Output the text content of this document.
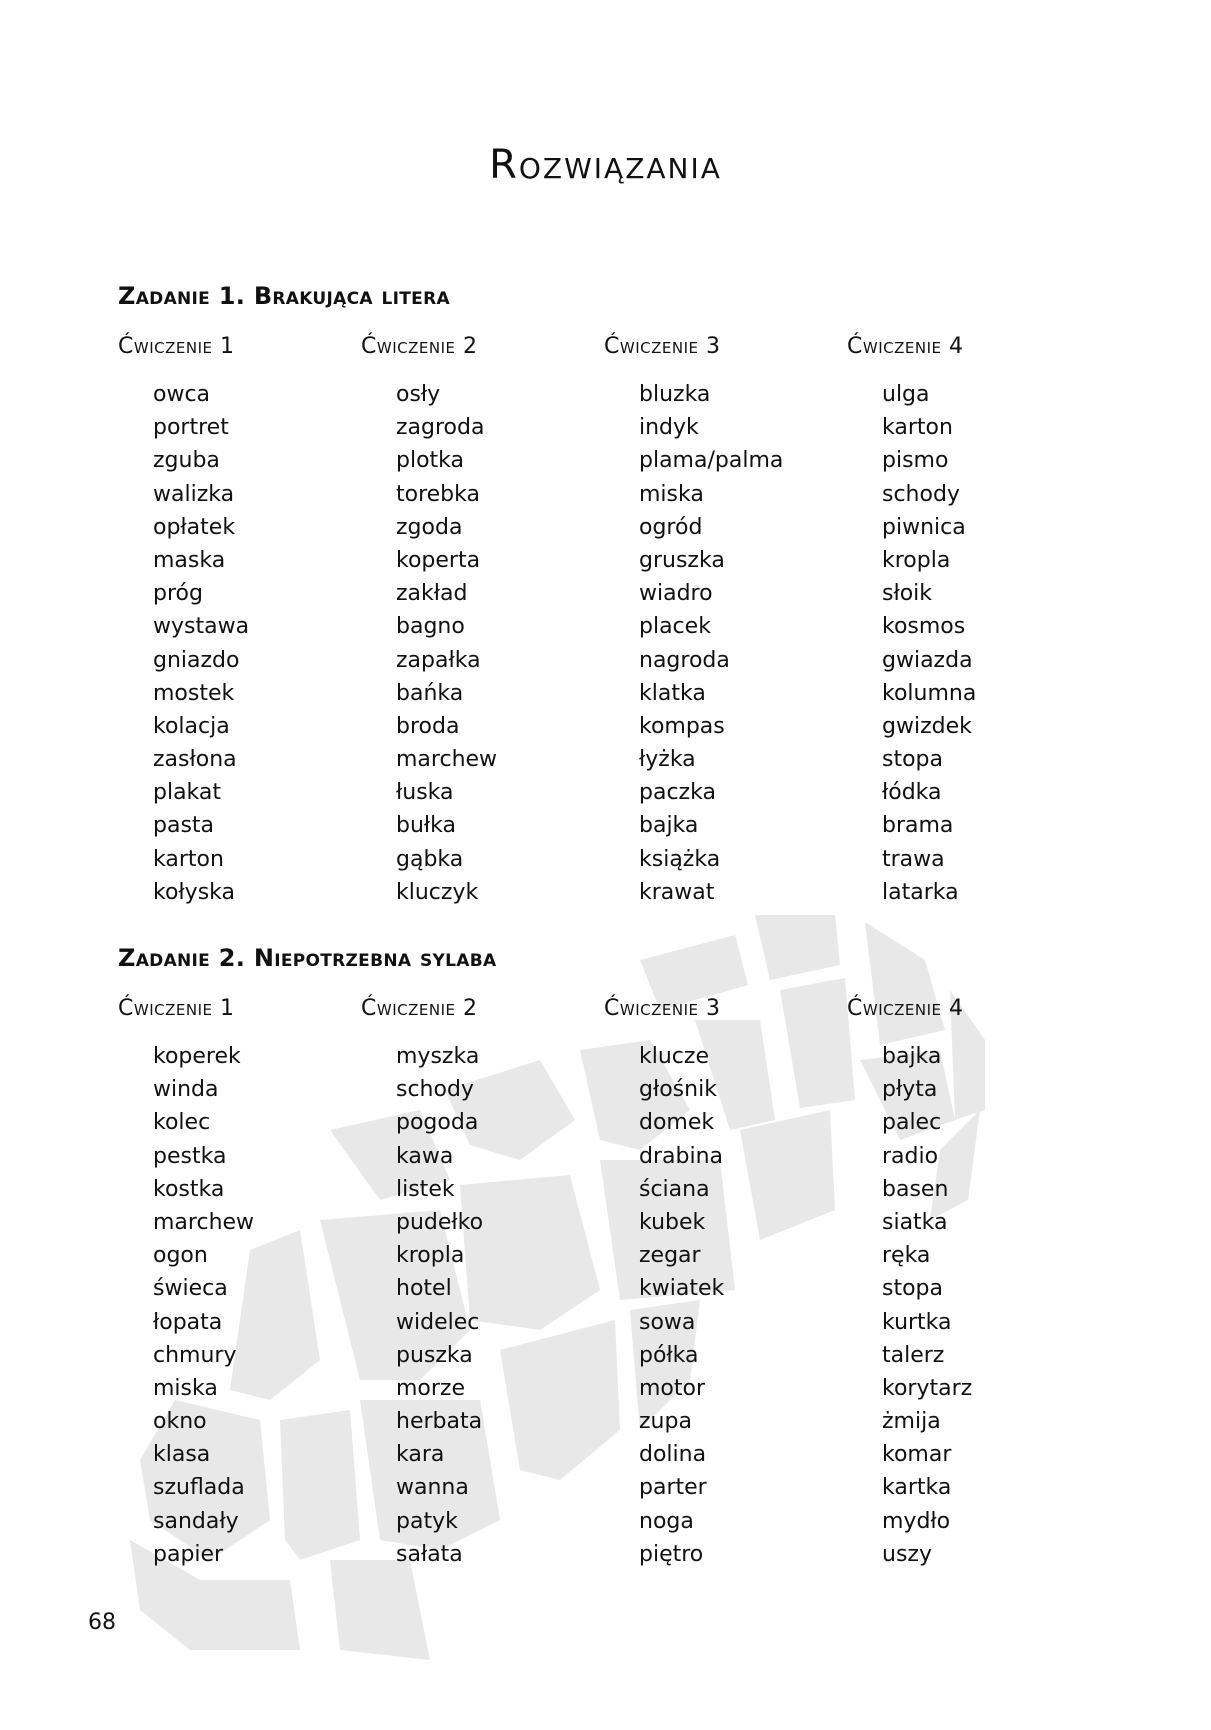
Rozwiązania
Zadanie 1. Brakująca litera
Ćwiczenie 1
owca
portret
zguba
walizka
opłatek
maska
próg
wystawa
gniazdo
mostek
kolacja
zasłona
plakat
pasta
karton
kołyska
Ćwiczenie 2
osły
zagroda
plotka
torebka
zgoda
koperta
zakład
bagno
zapałka
bańka
broda
marchew
łuska
bułka
gąbka
kluczyk
Ćwiczenie 3
bluzka
indyk
plama/palma
miska
ogród
gruszka
wiadro
placek
nagroda
klatka
kompas
łyżka
paczka
bajka
książka
krawat
Ćwiczenie 4
ulga
karton
pismo
schody
piwnica
kropla
słoik
kosmos
gwiazda
kolumna
gwizdek
stopa
łódka
brama
trawa
latarka
Zadanie 2. Niepotrzebna sylaba
Ćwiczenie 1
koperek
winda
kolec
pestka
kostka
marchew
ogon
świeca
łopata
chmury
miska
okno
klasa
szuflada
sandały
papier
Ćwiczenie 2
myszka
schody
pogoda
kawa
listek
pudełko
kropla
hotel
widelec
puszka
morze
herbata
kara
wanna
patyk
sałata
Ćwiczenie 3
klucze
głośnik
domek
drabina
ściana
kubek
zegar
kwiatek
sowa
półka
motor
zupa
dolina
parter
noga
piętro
Ćwiczenie 4
bajka
płyta
palec
radio
basen
siatka
ręka
stopa
kurtka
talerz
korytarz
żmija
komar
kartka
mydło
uszy
68
